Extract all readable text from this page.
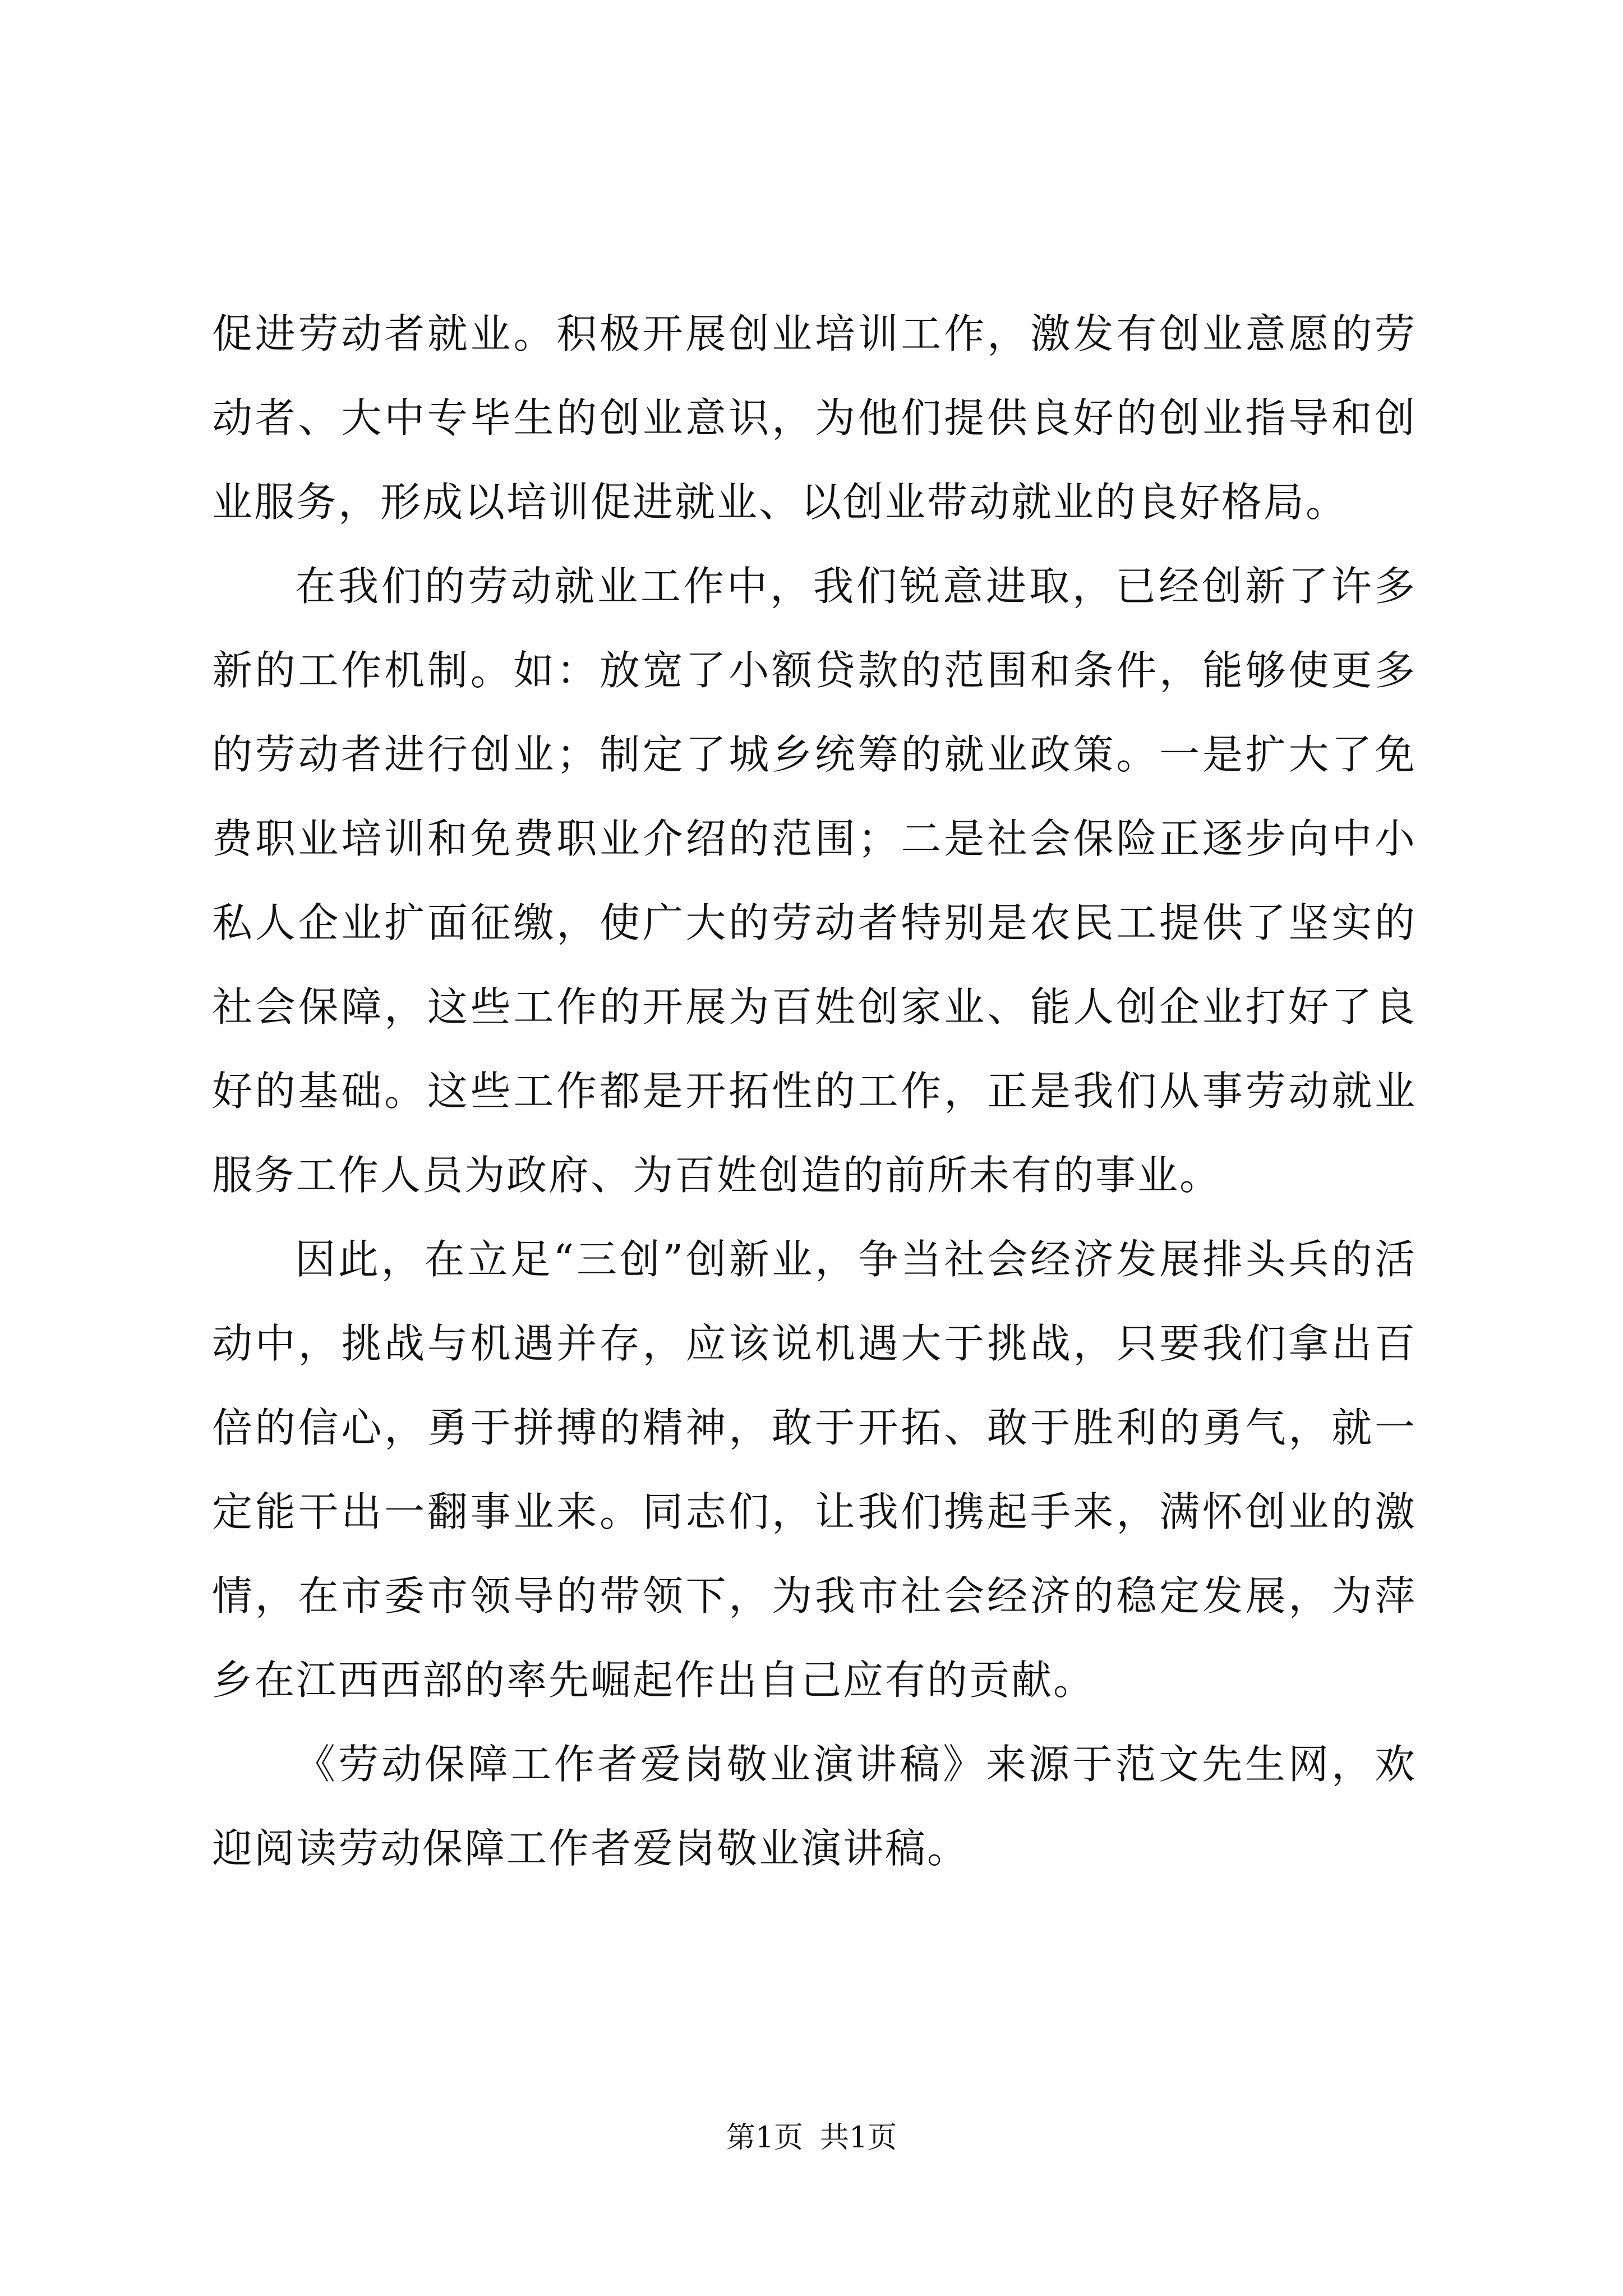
促进劳动者就业。积极开展创业培训工作，激发有创业意愿的劳动者、大中专毕生的创业意识，为他们提供良好的创业指导和创业服务，形成以培训促进就业、以创业带动就业的良好格局。

在我们的劳动就业工作中，我们锐意进取，已经创新了许多新的工作机制。如：放宽了小额贷款的范围和条件，能够使更多的劳动者进行创业；制定了城乡统筹的就业政策。一是扩大了免费职业培训和免费职业介绍的范围；二是社会保险正逐步向中小私人企业扩面征缴，使广大的劳动者特别是农民工提供了坚实的社会保障，这些工作的开展为百姓创家业、能人创企业打好了良好的基础。这些工作都是开拓性的工作，正是我们从事劳动就业服务工作人员为政府、为百姓创造的前所未有的事业。

因此，在立足“三创”创新业，争当社会经济发展排头兵的活动中，挑战与机遇并存，应该说机遇大于挑战，只要我们拿出百倍的信心，勇于拼搏的精神，敢于开拓、敢于胜利的勇气，就一定能干出一翻事业来。同志们，让我们携起手来，满怀创业的激情，在市委市领导的带领下，为我市社会经济的稳定发展，为萍乡在江西西部的率先崛起作出自己应有的贡献。

《劳动保障工作者爱岗敬业演讲稿》来源于范文先生网，欢迎阅读劳动保障工作者爱岗敬业演讲稿。

第1页 共1页
